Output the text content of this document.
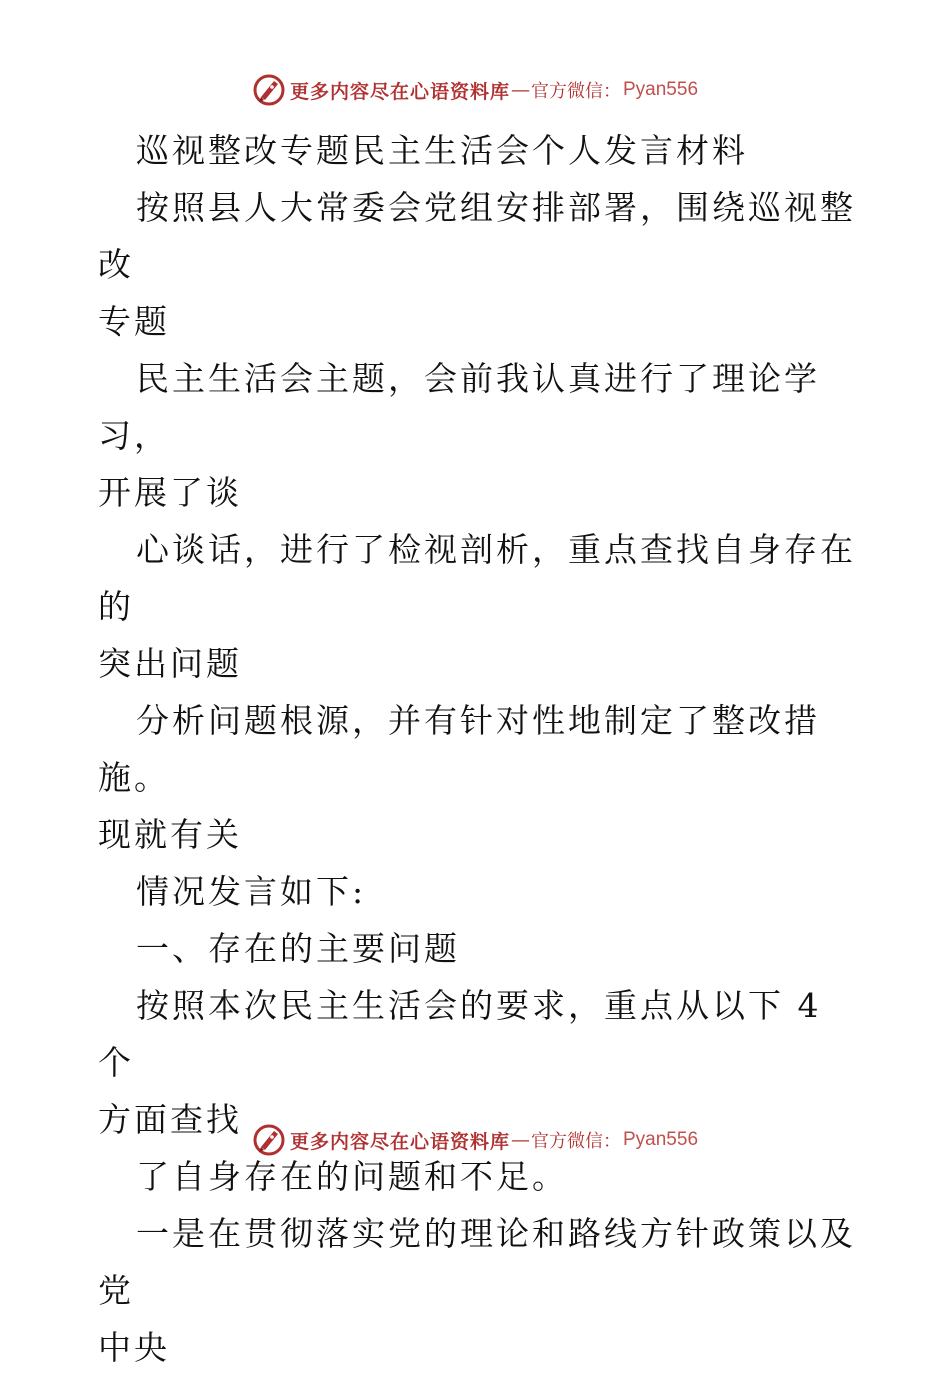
更多内容尽在心语资料库 — 官方微信： Pyan556

巡视整改专题民主生活会个人发言材料

按照县人大常委会党组安排部署，围绕巡视整改

专题

民主生活会主题，会前我认真进行了理论学习，

开展了谈

心谈话，进行了检视剖析，重点查找自身存在的

突出问题

分析问题根源，并有针对性地制定了整改措施。

现就有关

情况发言如下:

一、存在的主要问题

按照本次民主生活会的要求，重点从以下 4 个

方面查找

了自身存在的问题和不足。

一是在贯彻落实党的理论和路线方针政策以及党

中央

更多内容尽在心语资料库 — 官方微信： Pyan556
